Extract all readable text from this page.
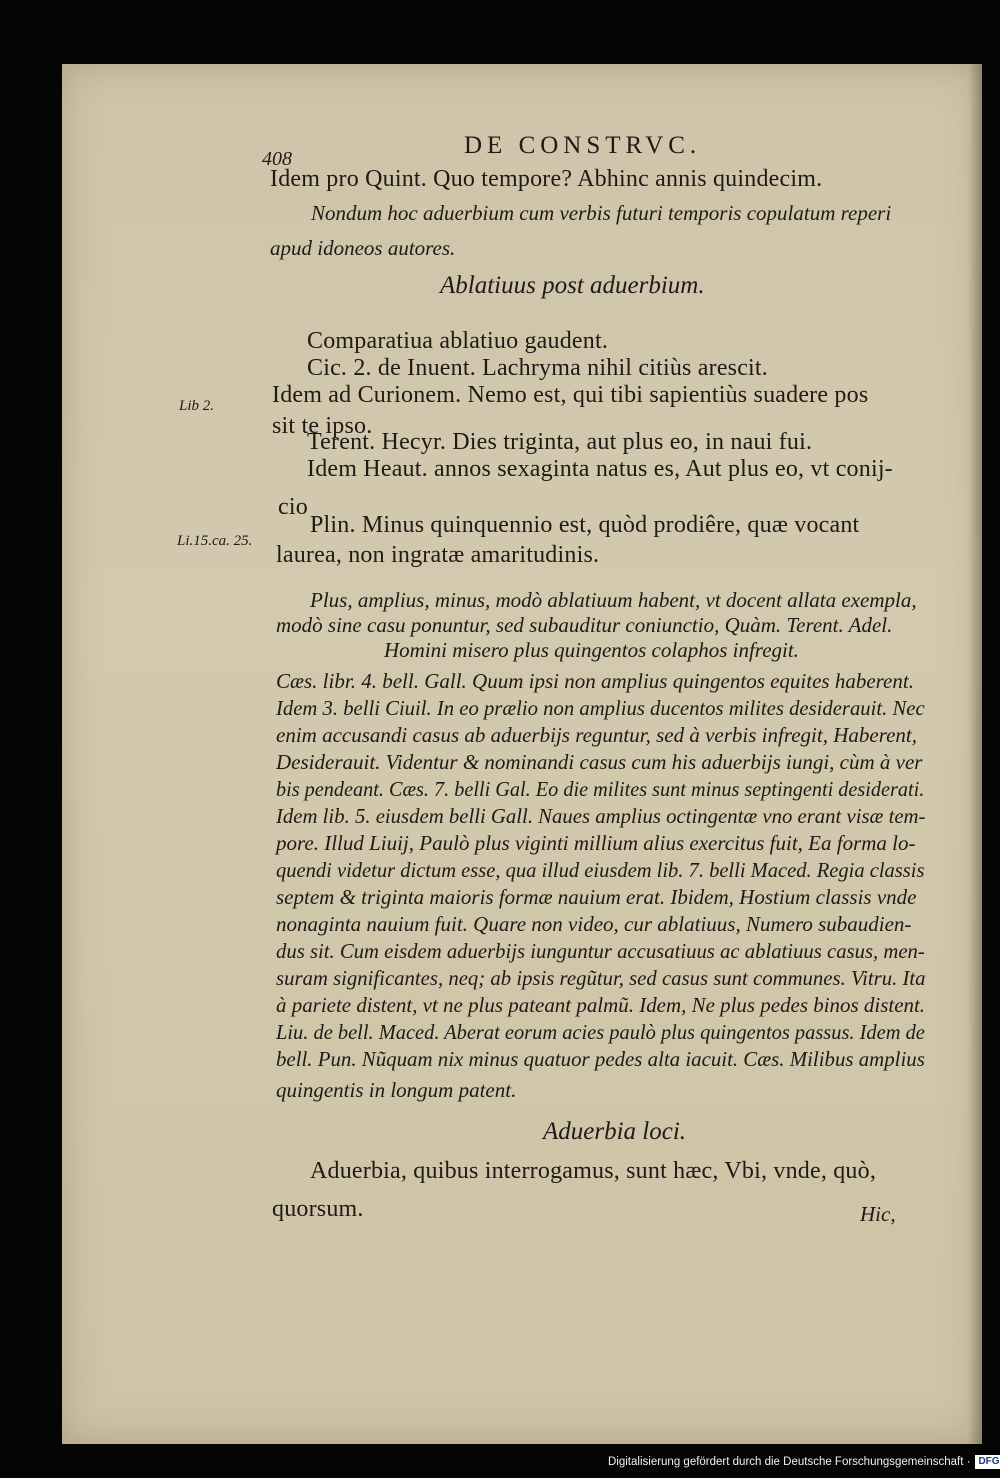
408	DE CONSTRVC.
Lib 2.
Li.15.ca. 25.
Idem pro Quint. Quo tempore? Abhinc annis quindecim.
Nondum hoc aduerbium cum verbis futuri temporis copulatum reperi
apud idoneos autores.
Ablatiuus post aduerbium.
Comparatiua ablatiuo gaudent.
Cic. 2. de Inuent. Lachryma nihil citiùs arescit.
Idem ad Curionem. Nemo est, qui tibi sapientiùs suadere pos
sit te ipso.
Terent. Hecyr. Dies triginta, aut plus eo, in naui fui.
Idem Heaut. annos sexaginta natus es, Aut plus eo, vt conij-
cio
Plin. Minus quinquennio est, quòd prodiêre, quæ vocant
laurea, non ingratæ amaritudinis.
Plus, amplius, minus, modò ablatiuum habent, vt docent allata exempla,
modò sine casu ponuntur, sed subauditur coniunctio, Quàm. Terent. Adel.
Homini misero plus quingentos colaphos infregit.
Cæs. libr. 4. bell. Gall. Quum ipsi non amplius quingentos equites haberent.
Idem 3. belli Ciuil. In eo prælio non amplius ducentos milites desiderauit. Nec
enim accusandi casus ab aduerbijs reguntur, sed à verbis infregit, Haberent,
Desiderauit. Videntur & nominandi casus cum his aduerbijs iungi, cùm à ver
bis pendeant. Cæs. 7. belli Gal. Eo die milites sunt minus septingenti desiderati.
Idem lib. 5. eiusdem belli Gall. Naues amplius octingentæ vno erant visæ tem-
pore. Illud Liuij, Paulò plus viginti millium alius exercitus fuit, Ea forma lo-
quendi videtur dictum esse, qua illud eiusdem lib. 7. belli Maced. Regia classis
septem & triginta maioris formæ nauium erat. Ibidem, Hostium classis vnde
nonaginta nauium fuit. Quare non video, cur ablatiuus, Numero subaudien-
dus sit. Cum eisdem aduerbijs iunguntur accusatiuus ac ablatiuus casus, men-
suram significantes, neq; ab ipsis regũtur, sed casus sunt communes. Vitru. Ita
à pariete distent, vt ne plus pateant palmũ. Idem, Ne plus pedes binos distent.
Liu. de bell. Maced. Aberat eorum acies paulò plus quingentos passus. Idem de
bell. Pun. Nũquam nix minus quatuor pedes alta iacuit. Cæs. Milibus amplius
quingentis in longum patent.
Aduerbia loci.
Aduerbia, quibus interrogamus, sunt hæc, Vbi, vnde, quò,
quorsum.	Hic,
Digitalisierung gefördert durch die Deutsche Forschungsgemeinschaft · DFG
